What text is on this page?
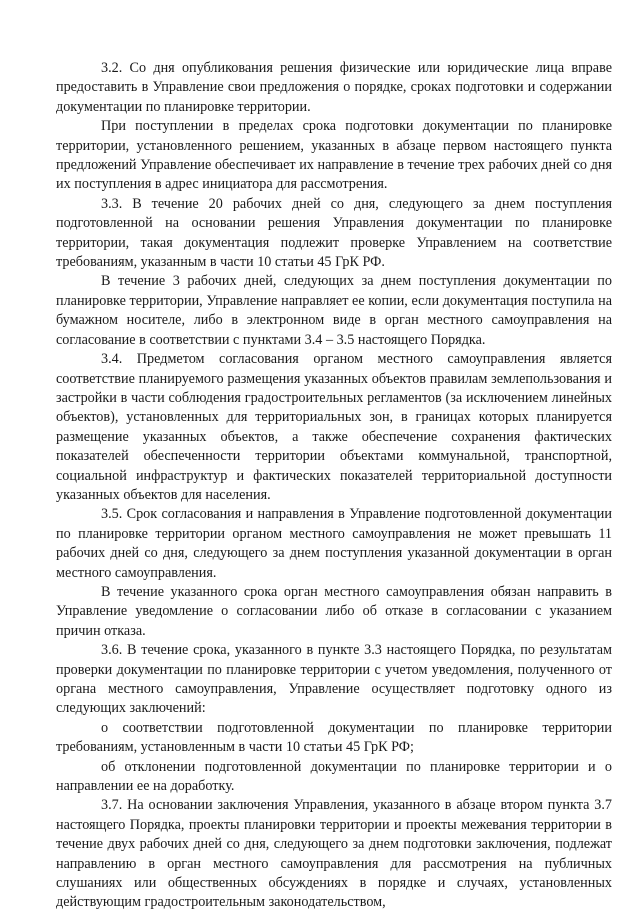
3.2. Со дня опубликования решения физические или юридические лица вправе предоставить в Управление свои предложения о порядке, сроках подготовки и содержании документации по планировке территории.

При поступлении в пределах срока подготовки документации по планировке территории, установленного решением, указанных в абзаце первом настоящего пункта предложений Управление обеспечивает их направление в течение трех рабочих дней со дня их поступления в адрес инициатора для рассмотрения.

3.3. В течение 20 рабочих дней со дня, следующего за днем поступления подготовленной на основании решения Управления документации по планировке территории, такая документация подлежит проверке Управлением на соответствие требованиям, указанным в части 10 статьи 45 ГрК РФ.

В течение 3 рабочих дней, следующих за днем поступления документации по планировке территории, Управление направляет ее копии, если документация поступила на бумажном носителе, либо в электронном виде в орган местного самоуправления на согласование в соответствии с пунктами 3.4 – 3.5 настоящего Порядка.

3.4. Предметом согласования органом местного самоуправления является соответствие планируемого размещения указанных объектов правилам землепользования и застройки в части соблюдения градостроительных регламентов (за исключением линейных объектов), установленных для территориальных зон, в границах которых планируется размещение указанных объектов, а также обеспечение сохранения фактических показателей обеспеченности территории объектами коммунальной, транспортной, социальной инфраструктур и фактических показателей территориальной доступности указанных объектов для населения.

3.5. Срок согласования и направления в Управление подготовленной документации по планировке территории органом местного самоуправления не может превышать 11 рабочих дней со дня, следующего за днем поступления указанной документации в орган местного самоуправления.

В течение указанного срока орган местного самоуправления обязан направить в Управление уведомление о согласовании либо об отказе в согласовании с указанием причин отказа.

3.6. В течение срока, указанного в пункте 3.3 настоящего Порядка, по результатам проверки документации по планировке территории с учетом уведомления, полученного от органа местного самоуправления, Управление осуществляет подготовку одного из следующих заключений:

о соответствии подготовленной документации по планировке территории требованиям, установленным в части 10 статьи 45 ГрК РФ;

об отклонении подготовленной документации по планировке территории и о направлении ее на доработку.

3.7. На основании заключения Управления, указанного в абзаце втором пункта 3.7 настоящего Порядка, проекты планировки территории и проекты межевания территории в течение двух рабочих дней со дня, следующего за днем подготовки заключения, подлежат направлению в орган местного самоуправления для рассмотрения на публичных слушаниях или общественных обсуждениях в порядке и случаях, установленных действующим градостроительным законодательством,
